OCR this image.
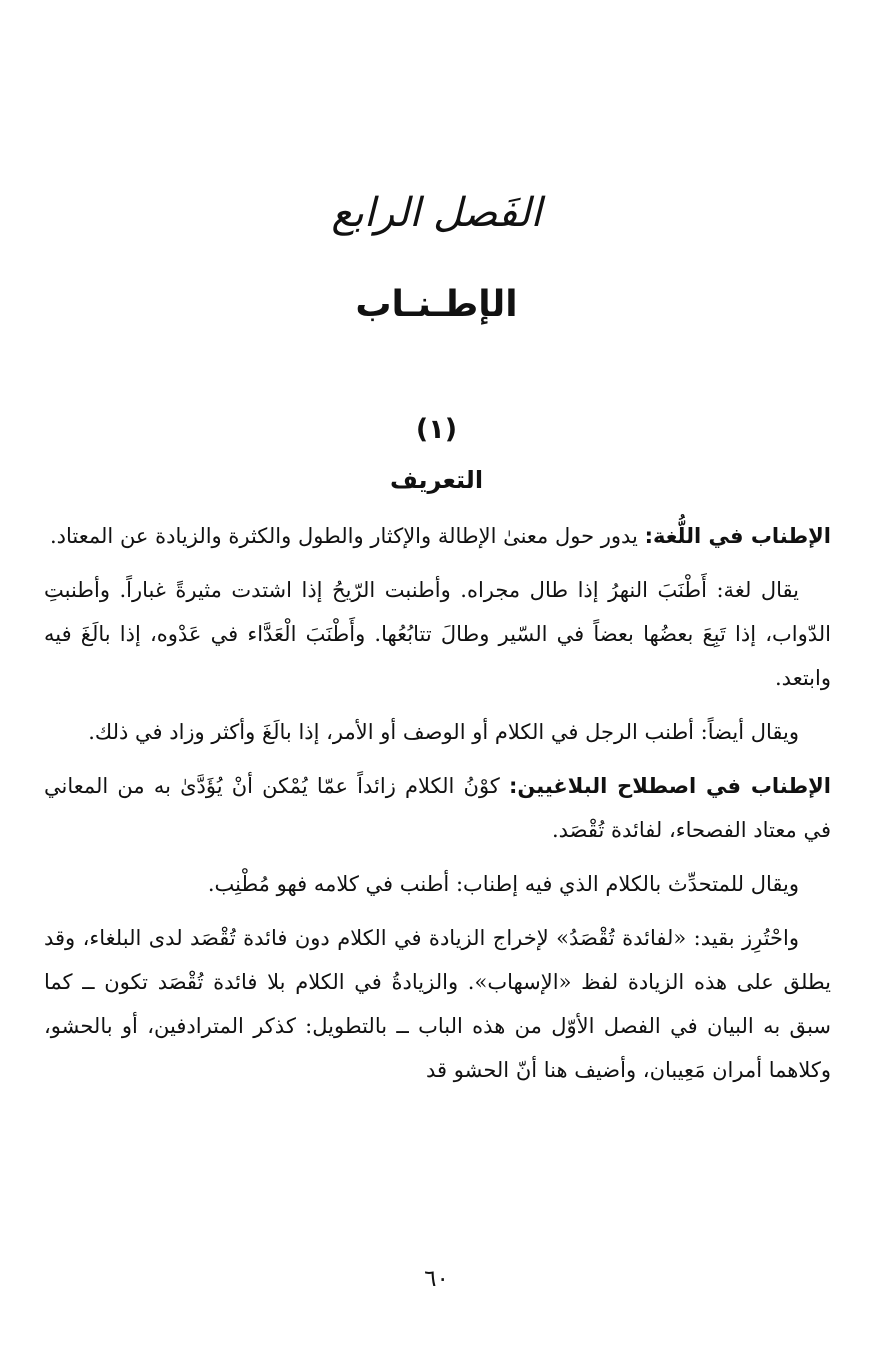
الفَصل الرابع
الإطـنـاب
(١)
التعريف

الإطناب في اللُّغة: يدور حول معنىٰ الإطالة والإكثار والطول والكثرة والزيادة عن المعتاد.

يقال لغة: أَطْنَبَ النهرُ إذا طال مجراه. وأطنبت الرّيحُ إذا اشتدت مثيرةً غباراً. وأطنبتِ الدّواب، إذا تَبِعَ بعضُها بعضاً في السّير وطالَ تتابُعُها. وأَطْنَبَ الْعَدَّاء في عَدْوه، إذا بالَغَ فيه وابتعد.

ويقال أيضاً: أطنب الرجل في الكلام أو الوصف أو الأمر، إذا بالَغَ وأكثر وزاد في ذلك.

الإطناب في اصطلاح البلاغيين: كوْنُ الكلام زائداً عمّا يُمْكن أنْ يُؤَدَّىٰ به من المعاني في معتاد الفصحاء، لفائدة تُقْصَد.

ويقال للمتحدِّث بالكلام الذي فيه إطناب: أطنب في كلامه فهو مُطْنِب.

واحْتُرِز بقيد: «لفائدة تُقْصَدُ» لإخراج الزيادة في الكلام دون فائدة تُقْصَد لدى البلغاء، وقد يطلق على هذه الزيادة لفظ «الإسهاب». والزيادةُ في الكلام بلا فائدة تُقْصَد تكون ــ كما سبق به البيان في الفصل الأوّل من هذه الباب ــ بالتطويل: كذكر المترادفين، أو بالحشو، وكلاهما أمران مَعِيبان، وأضيف هنا أنّ الحشو قد

٦٠
